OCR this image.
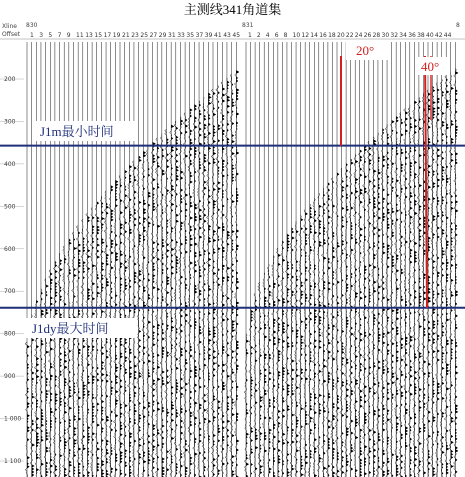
主测线341角道集
Xline
Offset
830	831	8
1 3 5 7 9 11 13 15 17 19 21 23 25 27 29 31 33 35 37 39 41 43 45 1 2 4 6 8 10 12 14 16 18 20 22 24 26 28 30 32 34 36 38 40 42 44
200
300
400
500
600
700
800
900
1 000
1 100
J1m最小时间
J1dy最大时间
20°
40°
